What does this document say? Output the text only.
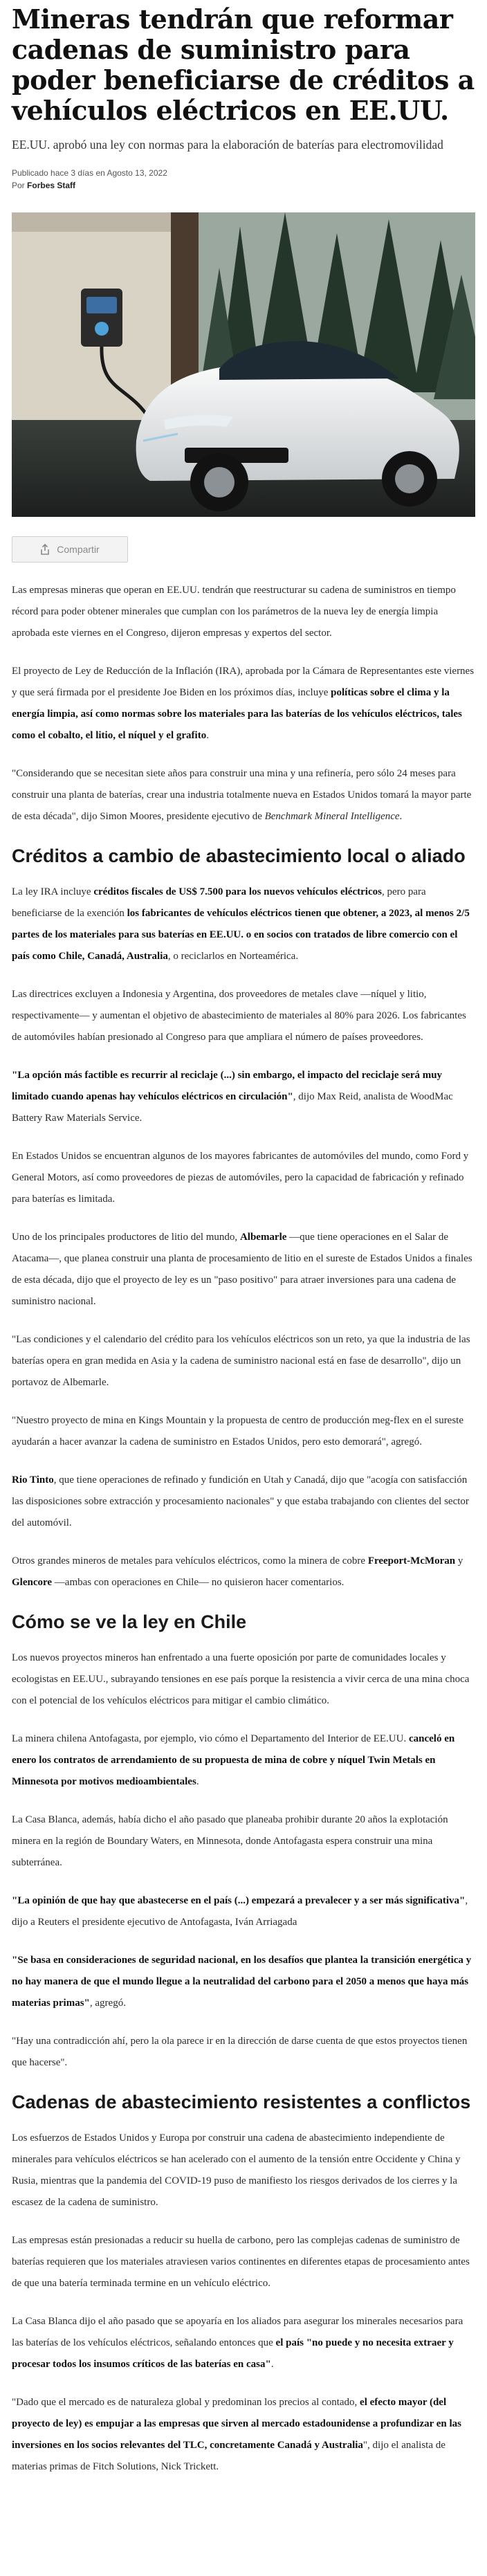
Mineras tendrán que reformar cadenas de suministro para poder beneficiarse de créditos a vehículos eléctricos en EE.UU.

EE.UU. aprobó una ley con normas para la elaboración de baterías para electromovilidad

Publicado hace 3 días en Agosto 13, 2022
Por Forbes Staff
Compartir

Las empresas mineras que operan en EE.UU. tendrán que reestructurar su cadena de suministros en tiempo récord para poder obtener minerales que cumplan con los parámetros de la nueva ley de energía limpia aprobada este viernes en el Congreso, dijeron empresas y expertos del sector.

El proyecto de Ley de Reducción de la Inflación (IRA), aprobada por la Cámara de Representantes este viernes y que será firmada por el presidente Joe Biden en los próximos días, incluye políticas sobre el clima y la energía limpia, así como normas sobre los materiales para las baterías de los vehículos eléctricos, tales como el cobalto, el litio, el níquel y el grafito.

"Considerando que se necesitan siete años para construir una mina y una refinería, pero sólo 24 meses para construir una planta de baterías, crear una industria totalmente nueva en Estados Unidos tomará la mayor parte de esta década", dijo Simon Moores, presidente ejecutivo de Benchmark Mineral Intelligence.

Créditos a cambio de abastecimiento local o aliado

La ley IRA incluye créditos fiscales de US$ 7.500 para los nuevos vehículos eléctricos, pero para beneficiarse de la exención los fabricantes de vehículos eléctricos tienen que obtener, a 2023, al menos 2/5 partes de los materiales para sus baterías en EE.UU. o en socios con tratados de libre comercio con el país como Chile, Canadá, Australia, o reciclarlos en Norteamérica.

Las directrices excluyen a Indonesia y Argentina, dos proveedores de metales clave —níquel y litio, respectivamente— y aumentan el objetivo de abastecimiento de materiales al 80% para 2026. Los fabricantes de automóviles habían presionado al Congreso para que ampliara el número de países proveedores.

"La opción más factible es recurrir al reciclaje (...) sin embargo, el impacto del reciclaje será muy limitado cuando apenas hay vehículos eléctricos en circulación", dijo Max Reid, analista de WoodMac Battery Raw Materials Service.

En Estados Unidos se encuentran algunos de los mayores fabricantes de automóviles del mundo, como Ford y General Motors, así como proveedores de piezas de automóviles, pero la capacidad de fabricación y refinado para baterías es limitada.

Uno de los principales productores de litio del mundo, Albemarle —que tiene operaciones en el Salar de Atacama—, que planea construir una planta de procesamiento de litio en el sureste de Estados Unidos a finales de esta década, dijo que el proyecto de ley es un "paso positivo" para atraer inversiones para una cadena de suministro nacional.

"Las condiciones y el calendario del crédito para los vehículos eléctricos son un reto, ya que la industria de las baterías opera en gran medida en Asia y la cadena de suministro nacional está en fase de desarrollo", dijo un portavoz de Albemarle.

"Nuestro proyecto de mina en Kings Mountain y la propuesta de centro de producción meg-flex en el sureste ayudarán a hacer avanzar la cadena de suministro en Estados Unidos, pero esto demorará", agregó.

Rio Tinto, que tiene operaciones de refinado y fundición en Utah y Canadá, dijo que "acogía con satisfacción las disposiciones sobre extracción y procesamiento nacionales" y que estaba trabajando con clientes del sector del automóvil.

Otros grandes mineros de metales para vehículos eléctricos, como la minera de cobre Freeport-McMoran y Glencore —ambas con operaciones en Chile— no quisieron hacer comentarios.

Cómo se ve la ley en Chile

Los nuevos proyectos mineros han enfrentado a una fuerte oposición por parte de comunidades locales y ecologistas en EE.UU., subrayando tensiones en ese país porque la resistencia a vivir cerca de una mina choca con el potencial de los vehículos eléctricos para mitigar el cambio climático.

La minera chilena Antofagasta, por ejemplo, vio cómo el Departamento del Interior de EE.UU. canceló en enero los contratos de arrendamiento de su propuesta de mina de cobre y níquel Twin Metals en Minnesota por motivos medioambientales.

La Casa Blanca, además, había dicho el año pasado que planeaba prohibir durante 20 años la explotación minera en la región de Boundary Waters, en Minnesota, donde Antofagasta espera construir una mina subterránea.

"La opinión de que hay que abastecerse en el país (...) empezará a prevalecer y a ser más significativa", dijo a Reuters el presidente ejecutivo de Antofagasta, Iván Arriagada

"Se basa en consideraciones de seguridad nacional, en los desafíos que plantea la transición energética y no hay manera de que el mundo llegue a la neutralidad del carbono para el 2050 a menos que haya más materias primas", agregó.

"Hay una contradicción ahí, pero la ola parece ir en la dirección de darse cuenta de que estos proyectos tienen que hacerse".

Cadenas de abastecimiento resistentes a conflictos

Los esfuerzos de Estados Unidos y Europa por construir una cadena de abastecimiento independiente de minerales para vehículos eléctricos se han acelerado con el aumento de la tensión entre Occidente y China y Rusia, mientras que la pandemia del COVID-19 puso de manifiesto los riesgos derivados de los cierres y la escasez de la cadena de suministro.

Las empresas están presionadas a reducir su huella de carbono, pero las complejas cadenas de suministro de baterías requieren que los materiales atraviesen varios continentes en diferentes etapas de procesamiento antes de que una batería terminada termine en un vehículo eléctrico.

La Casa Blanca dijo el año pasado que se apoyaría en los aliados para asegurar los minerales necesarios para las baterías de los vehículos eléctricos, señalando entonces que el país "no puede y no necesita extraer y procesar todos los insumos críticos de las baterías en casa".

"Dado que el mercado es de naturaleza global y predominan los precios al contado, el efecto mayor (del proyecto de ley) es empujar a las empresas que sirven al mercado estadounidense a profundizar en las inversiones en los socios relevantes del TLC, concretamente Canadá y Australia", dijo el analista de materias primas de Fitch Solutions, Nick Trickett.
